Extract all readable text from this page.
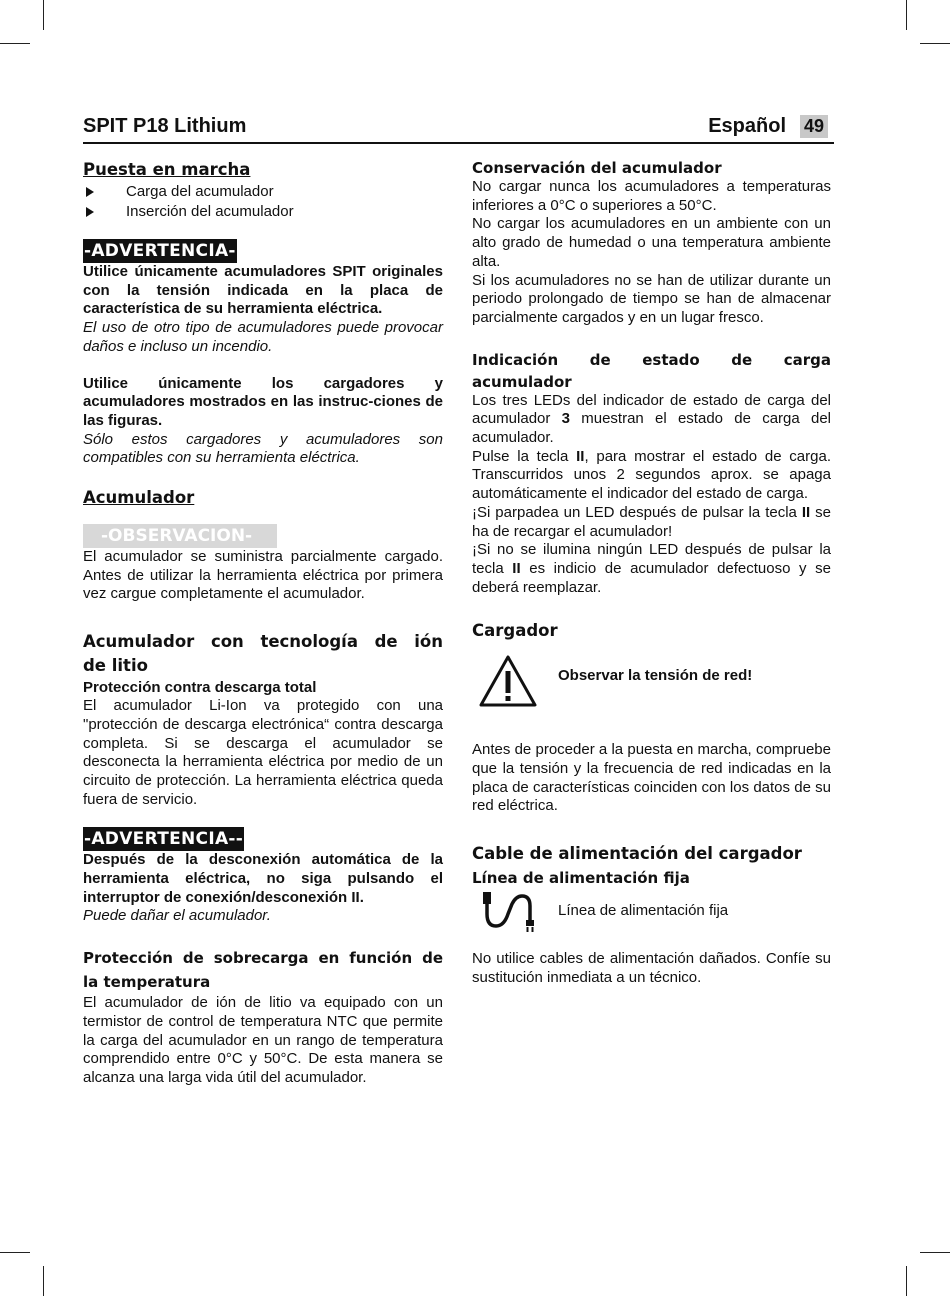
SPIT P18 Lithium	Español 49

Puesta en marcha

Carga del acumulador
Inserción del acumulador
-ADVERTENCIA-

Utilice únicamente acumuladores SPIT originales con la tensión indicada en la placa de característica de su herramienta eléctrica.

El uso de otro tipo de acumuladores puede provocar daños e incluso un incendio.

Utilice únicamente los cargadores y acumuladores mostrados en las instruc-ciones de las figuras.

Sólo estos cargadores y acumuladores son compatibles con su herramienta eléctrica.

Acumulador

-OBSERVACION-

El acumulador se suministra parcialmente cargado. Antes de utilizar la herramienta eléctrica por primera vez cargue completamente el acumulador.

Acumulador con tecnología de ión

de litio

Protección contra descarga total

El acumulador Li-Ion va protegido con una "protección de descarga electrónica“ contra descarga completa. Si se descarga el acumulador se desconecta la herramienta eléctrica por medio de un circuito de protección. La herramienta eléctrica queda fuera de servicio.

-ADVERTENCIA--

Después de la desconexión automática de la herramienta eléctrica, no siga pulsando el interruptor de conexión/desconexión II.

Puede dañar el acumulador.

Protección de sobrecarga en función de

la temperatura

El acumulador de ión de litio va equipado con un termistor de control de temperatura NTC que permite la carga del acumulador en un rango de temperatura comprendido entre 0°C y 50°C. De esta manera se alcanza una larga vida útil del acumulador.

Conservación del acumulador

No cargar nunca los acumuladores a temperaturas inferiores a 0°C o superiores a 50°C.

No cargar los acumuladores en un ambiente con un alto grado de humedad o una temperatura ambiente alta.

Si los acumuladores no se han de utilizar durante un periodo prolongado de tiempo se han de almacenar parcialmente cargados y en un lugar fresco.

Indicación de estado de carga

acumulador

Los tres LEDs del indicador de estado de carga del acumulador 3 muestran el estado de carga del acumulador.

Pulse la tecla II, para mostrar el estado de carga. Transcurridos unos 2 segundos aprox. se apaga automáticamente el indicador del estado de carga.

¡Si parpadea un LED después de pulsar la tecla II se ha de recargar el acumulador!

¡Si no se ilumina ningún LED después de pulsar la tecla II es indicio de acumulador defectuoso y se deberá reemplazar.

Cargador

Observar la tensión de red!

Antes de proceder a la puesta en marcha, compruebe que la tensión y la frecuencia de red indicadas en la placa de características coinciden con los datos de su red eléctrica.

Cable de alimentación del cargador

Línea de alimentación fija

Línea de alimentación fija

No utilice cables de alimentación dañados. Confíe su sustitución inmediata a un técnico.
